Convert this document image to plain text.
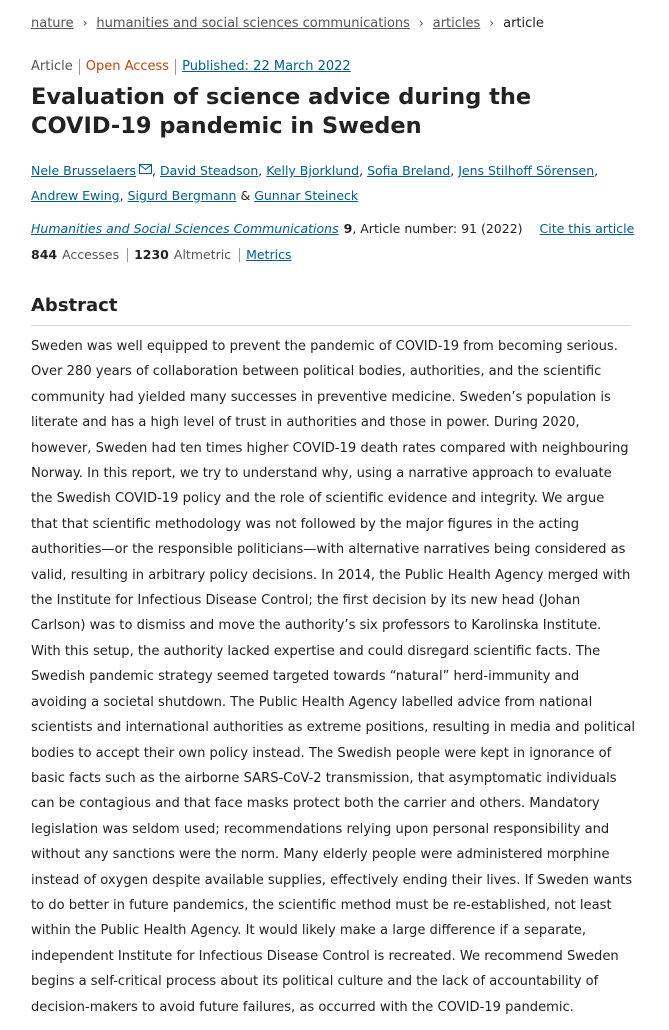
nature › humanities and social sciences communications › articles › article
Article	Open Access	Published: 22 March 2022
Evaluation of science advice during the COVID-19 pandemic in Sweden
Nele Brusselaers , David Steadson, Kelly Bjorklund, Sofia Breland, Jens Stilhoff Sörensen, Andrew Ewing, Sigurd Bergmann & Gunnar Steineck
Humanities and Social Sciences Communications 9 , Article number: 91 (2022) Cite this article
844 Accesses 1230 Altmetric Metrics
Abstract

Sweden was well equipped to prevent the pandemic of COVID-19 from becoming serious. Over 280 years of collaboration between political bodies, authorities, and the scientific community had yielded many successes in preventive medicine. Sweden’s population is literate and has a high level of trust in authorities and those in power. During 2020, however, Sweden had ten times higher COVID-19 death rates compared with neighbouring Norway. In this report, we try to understand why, using a narrative approach to evaluate the Swedish COVID-19 policy and the role of scientific evidence and integrity. We argue that that scientific methodology was not followed by the major figures in the acting authorities—or the responsible politicians—with alternative narratives being considered as valid, resulting in arbitrary policy decisions. In 2014, the Public Health Agency merged with the Institute for Infectious Disease Control; the first decision by its new head (Johan Carlson) was to dismiss and move the authority’s six professors to Karolinska Institute. With this setup, the authority lacked expertise and could disregard scientific facts. The Swedish pandemic strategy seemed targeted towards “natural” herd-immunity and avoiding a societal shutdown. The Public Health Agency labelled advice from national scientists and international authorities as extreme positions, resulting in media and political bodies to accept their own policy instead. The Swedish people were kept in ignorance of basic facts such as the airborne SARS-CoV-2 transmission, that asymptomatic individuals can be contagious and that face masks protect both the carrier and others. Mandatory legislation was seldom used; recommendations relying upon personal responsibility and without any sanctions were the norm. Many elderly people were administered morphine instead of oxygen despite available supplies, effectively ending their lives. If Sweden wants to do better in future pandemics, the scientific method must be re-established, not least within the Public Health Agency. It would likely make a large difference if a separate, independent Institute for Infectious Disease Control is recreated. We recommend Sweden begins a self-critical process about its political culture and the lack of accountability of decision-makers to avoid future failures, as occurred with the COVID-19 pandemic.
